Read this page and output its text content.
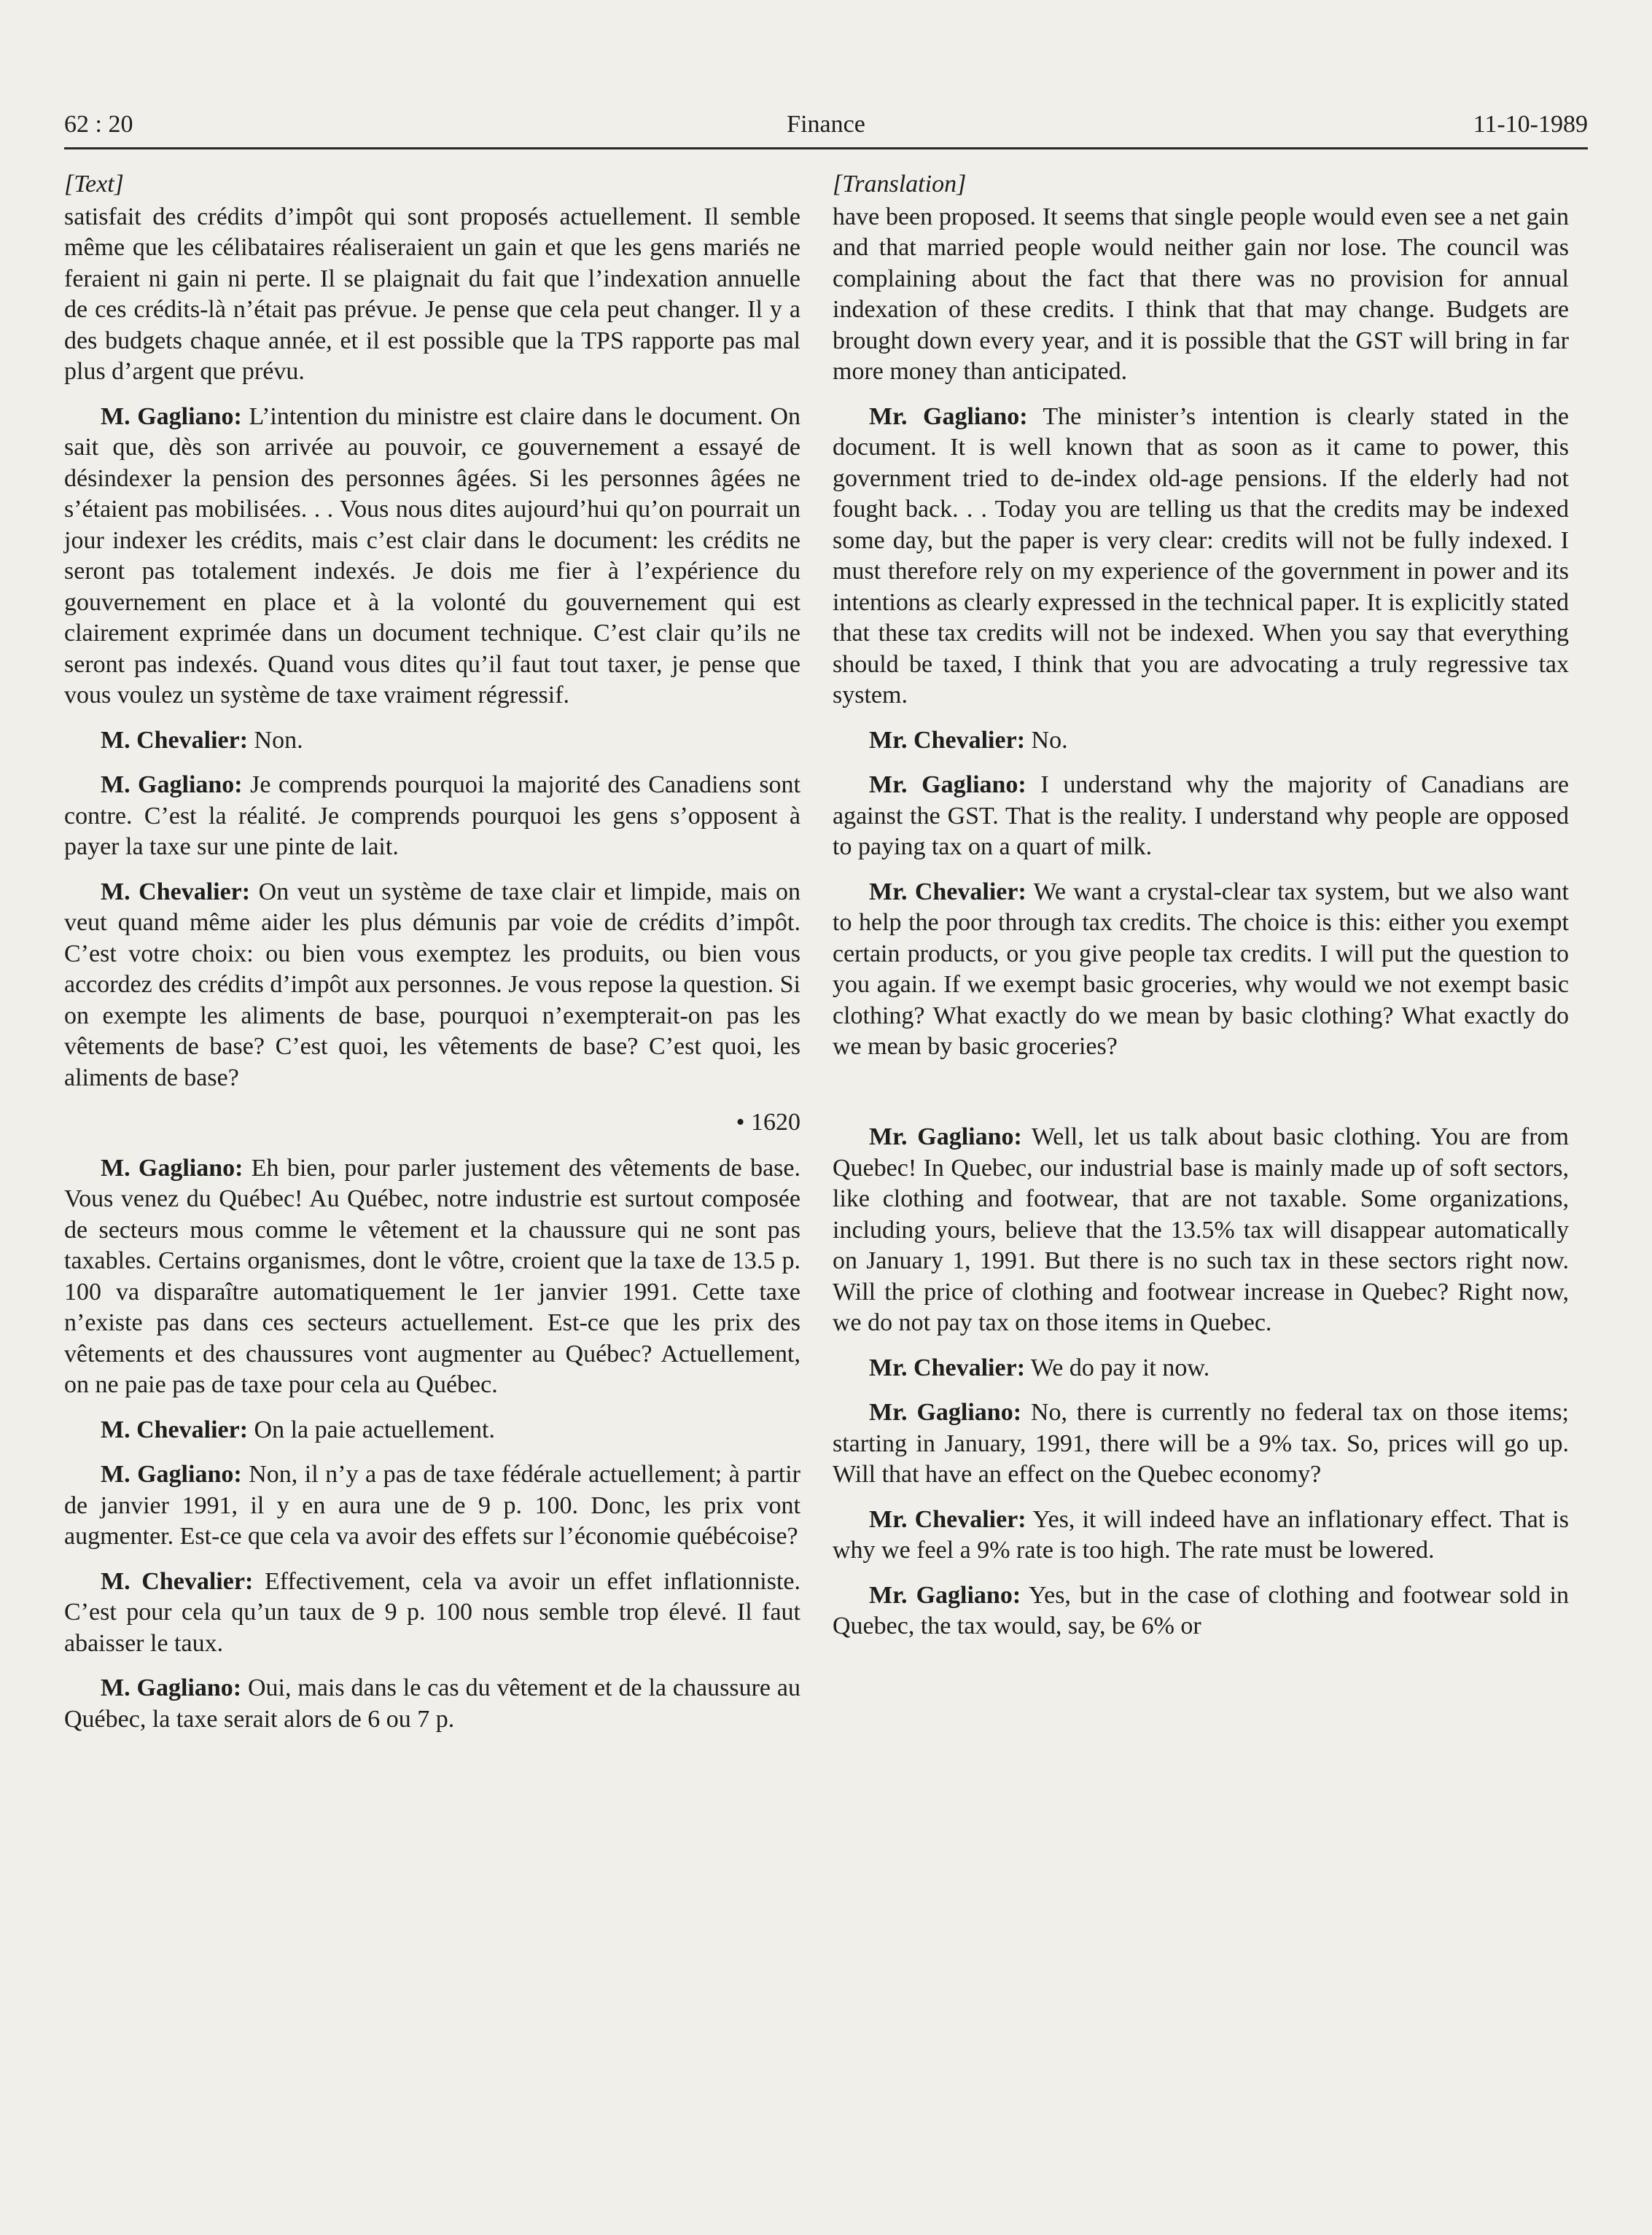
62 : 20	Finance	11-10-1989
[Text]

satisfait des crédits d’impôt qui sont proposés actuellement. Il semble même que les célibataires réaliseraient un gain et que les gens mariés ne feraient ni gain ni perte. Il se plaignait du fait que l’indexation annuelle de ces crédits-là n’était pas prévue. Je pense que cela peut changer. Il y a des budgets chaque année, et il est possible que la TPS rapporte pas mal plus d’argent que prévu.

M. Gagliano: L’intention du ministre est claire dans le document. On sait que, dès son arrivée au pouvoir, ce gouvernement a essayé de désindexer la pension des personnes âgées. Si les personnes âgées ne s’étaient pas mobilisées. . . Vous nous dites aujourd’hui qu’on pourrait un jour indexer les crédits, mais c’est clair dans le document: les crédits ne seront pas totalement indexés. Je dois me fier à l’expérience du gouvernement en place et à la volonté du gouvernement qui est clairement exprimée dans un document technique. C’est clair qu’ils ne seront pas indexés. Quand vous dites qu’il faut tout taxer, je pense que vous voulez un système de taxe vraiment régressif.

M. Chevalier: Non.

M. Gagliano: Je comprends pourquoi la majorité des Canadiens sont contre. C’est la réalité. Je comprends pourquoi les gens s’opposent à payer la taxe sur une pinte de lait.

M. Chevalier: On veut un système de taxe clair et limpide, mais on veut quand même aider les plus démunis par voie de crédits d’impôt. C’est votre choix: ou bien vous exemptez les produits, ou bien vous accordez des crédits d’impôt aux personnes. Je vous repose la question. Si on exempte les aliments de base, pourquoi n’exempterait-on pas les vêtements de base? C’est quoi, les vêtements de base? C’est quoi, les aliments de base?

• 1620

M. Gagliano: Eh bien, pour parler justement des vêtements de base. Vous venez du Québec! Au Québec, notre industrie est surtout composée de secteurs mous comme le vêtement et la chaussure qui ne sont pas taxables. Certains organismes, dont le vôtre, croient que la taxe de 13.5 p. 100 va disparaître automatiquement le 1er janvier 1991. Cette taxe n’existe pas dans ces secteurs actuellement. Est-ce que les prix des vêtements et des chaussures vont augmenter au Québec? Actuellement, on ne paie pas de taxe pour cela au Québec.

M. Chevalier: On la paie actuellement.

M. Gagliano: Non, il n’y a pas de taxe fédérale actuellement; à partir de janvier 1991, il y en aura une de 9 p. 100. Donc, les prix vont augmenter. Est-ce que cela va avoir des effets sur l’économie québécoise?

M. Chevalier: Effectivement, cela va avoir un effet inflationniste. C’est pour cela qu’un taux de 9 p. 100 nous semble trop élevé. Il faut abaisser le taux.

M. Gagliano: Oui, mais dans le cas du vêtement et de la chaussure au Québec, la taxe serait alors de 6 ou 7 p.

[Translation]

have been proposed. It seems that single people would even see a net gain and that married people would neither gain nor lose. The council was complaining about the fact that there was no provision for annual indexation of these credits. I think that that may change. Budgets are brought down every year, and it is possible that the GST will bring in far more money than anticipated.

Mr. Gagliano: The minister’s intention is clearly stated in the document. It is well known that as soon as it came to power, this government tried to de-index old-age pensions. If the elderly had not fought back. . . Today you are telling us that the credits may be indexed some day, but the paper is very clear: credits will not be fully indexed. I must therefore rely on my experience of the government in power and its intentions as clearly expressed in the technical paper. It is explicitly stated that these tax credits will not be indexed. When you say that everything should be taxed, I think that you are advocating a truly regressive tax system.

Mr. Chevalier: No.

Mr. Gagliano: I understand why the majority of Canadians are against the GST. That is the reality. I understand why people are opposed to paying tax on a quart of milk.

Mr. Chevalier: We want a crystal-clear tax system, but we also want to help the poor through tax credits. The choice is this: either you exempt certain products, or you give people tax credits. I will put the question to you again. If we exempt basic groceries, why would we not exempt basic clothing? What exactly do we mean by basic clothing? What exactly do we mean by basic groceries?

Mr. Gagliano: Well, let us talk about basic clothing. You are from Quebec! In Quebec, our industrial base is mainly made up of soft sectors, like clothing and footwear, that are not taxable. Some organizations, including yours, believe that the 13.5% tax will disappear automatically on January 1, 1991. But there is no such tax in these sectors right now. Will the price of clothing and footwear increase in Quebec? Right now, we do not pay tax on those items in Quebec.

Mr. Chevalier: We do pay it now.

Mr. Gagliano: No, there is currently no federal tax on those items; starting in January, 1991, there will be a 9% tax. So, prices will go up. Will that have an effect on the Quebec economy?

Mr. Chevalier: Yes, it will indeed have an inflationary effect. That is why we feel a 9% rate is too high. The rate must be lowered.

Mr. Gagliano: Yes, but in the case of clothing and footwear sold in Quebec, the tax would, say, be 6% or
